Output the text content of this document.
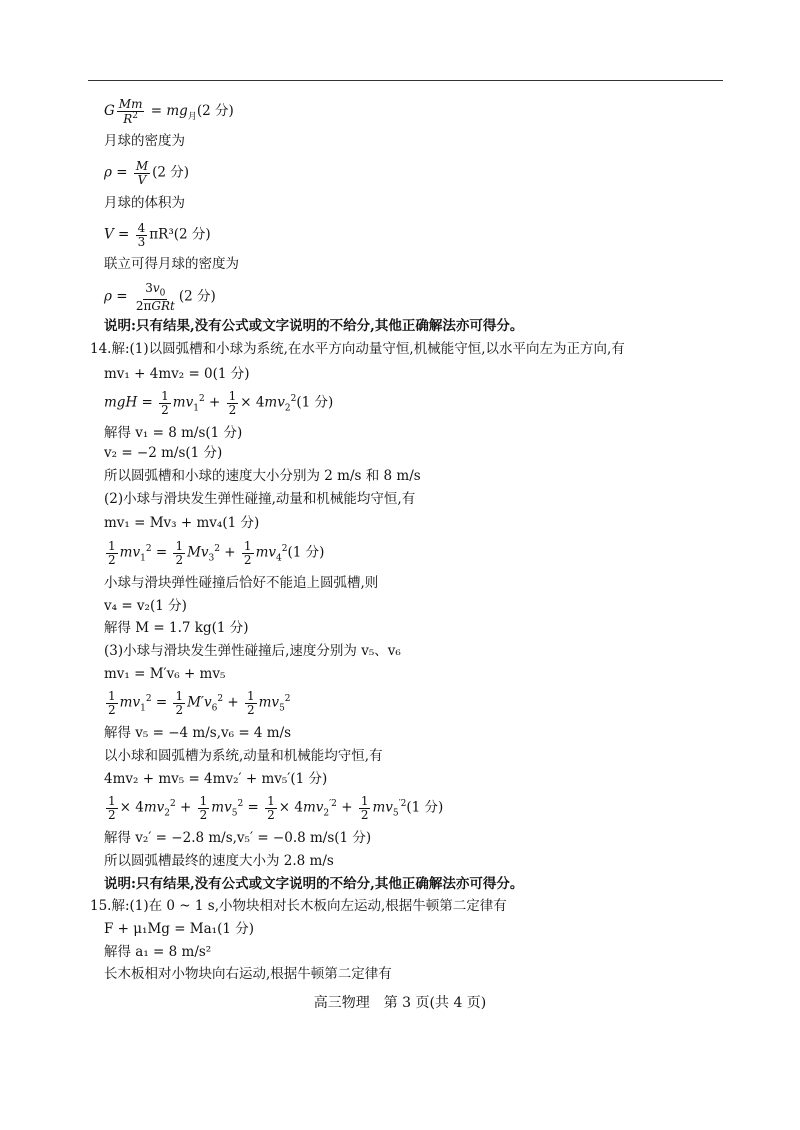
G $\frac{Mm}{R^2} = mg_月(2$ 分)
月球的密度为
$\rho = \frac{M}{V} (2$ 分)
月球的体积为
$V = \frac{4}{3} \pi R^3(2$ 分)
联立可得月球的密度为
$\rho = \frac{3v_0}{\text{2πGRt}} (2$ 分)
说明:只有结果,没有公式或文字说明的不给分,其他正确解法亦可得分。
14.解:(1)以圆弧槽和小球为系统,在水平方向动量守恒,机械能守恒,以水平向左为正方向,有
mv₁ + 4mv₂ = 0(1 分)
mgH = $\frac{1}{2} mv_1^2 + \frac{1}{2} \times 4mv_2^2(1$ 分)
解得 v₁ = 8 m/s(1 分)
v₂ = −2 m/s(1 分)
所以圆弧槽和小球的速度大小分别为 2 m/s 和 8 m/s
(2)小球与滑块发生弹性碰撞,动量和机械能均守恒,有
mv₁ = Mv₃ + mv₄(1 分)
$\frac{1}{2} mv_1^2 = \frac{1}{2} Mv_3^2 + \frac{1}{2} mv_4^2(1$ 分)
小球与滑块弹性碰撞后恰好不能追上圆弧槽,则
v₄ = v₂(1 分)
解得 M = 1.7 kg(1 分)
(3)小球与滑块发生弹性碰撞后,速度分别为 v₅、v₆
mv₁ = M′v₆ + mv₅
$\frac{1}{2} mv_1^2 = \frac{1}{2} M'v_6^2 + \frac{1}{2} mv_5^2$
解得 v₅ = −4 m/s,v₆ = 4 m/s
以小球和圆弧槽为系统,动量和机械能均守恒,有
4mv₂ + mv₅ = 4mv₂′ + mv₅′(1 分)
$\frac{1}{2} \times 4mv_2^2 + \frac{1}{2} mv_5^2 = \frac{1}{2} \times 4mv_2^{'2} + \frac{1}{2} mv_5^{'2}(1$ 分)
解得 v₂′ = −2.8 m/s,v₅′ = −0.8 m/s(1 分)
所以圆弧槽最终的速度大小为 2.8 m/s
说明:只有结果,没有公式或文字说明的不给分,其他正确解法亦可得分。
15.解:(1)在 0 ~ 1 s,小物块相对长木板向左运动,根据牛顿第二定律有
F + μ₁Mg = Ma₁(1 分)
解得 a₁ = 8 m/s²
长木板相对小物块向右运动,根据牛顿第二定律有
高三物理　第 3 页(共 4 页)
